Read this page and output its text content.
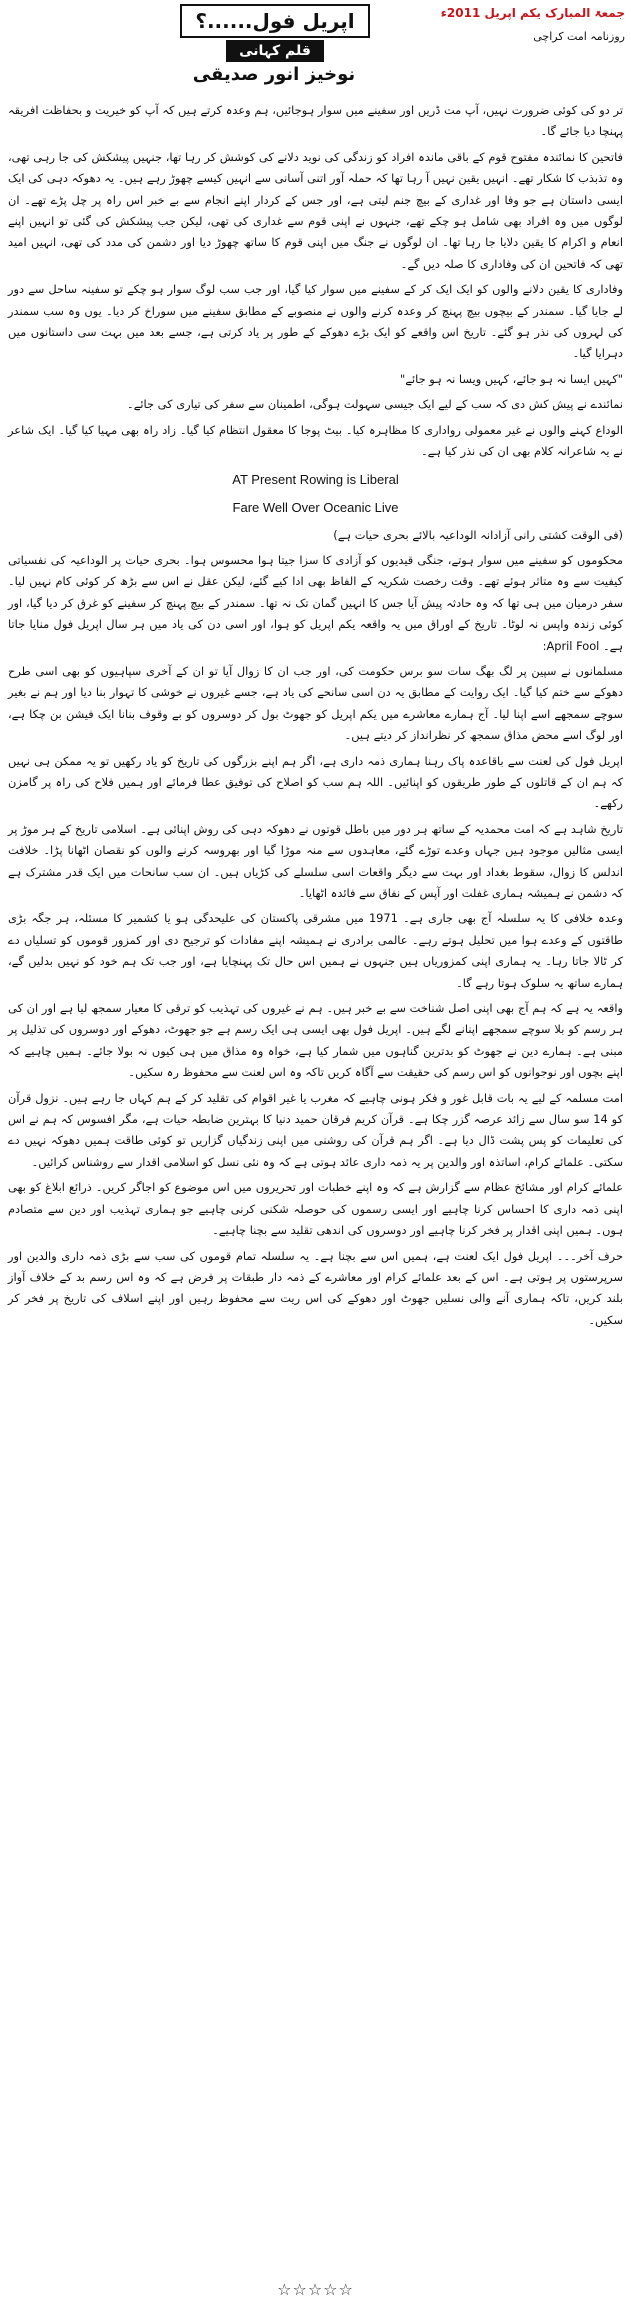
جمعۃ المبارک یکم اپریل 2011ء
روزنامہ امت کراچی
اپریل فول......؟
قلم کہانی
نوخیز انور صدیقی

تر دو کی کوئی ضرورت نہیں، آپ مت ڈریں اور سفینے میں سوار ہوجائیں، ہم وعدہ کرتے ہیں کہ آپ کو خیریت و بحفاظت افریقہ پہنچا دیا جائے گا۔

فاتحین کا نمائندہ مفتوح قوم کے باقی ماندہ افراد کو زندگی کی نوید دلانے کی کوشش کر رہا تھا، جنہیں پیشکش کی جا رہی تھی، وہ تذبذب کا شکار تھے۔ انہیں یقین نہیں آ رہا تھا کہ حملہ آور اتنی آسانی سے انہیں کیسے چھوڑ رہے ہیں۔ یہ دھوکہ دہی کی ایک ایسی داستان ہے جو وفا اور غداری کے بیچ جنم لیتی ہے، اور جس کے کردار اپنے انجام سے بے خبر اس راہ پر چل پڑے تھے۔ ان لوگوں میں وہ افراد بھی شامل ہو چکے تھے، جنہوں نے اپنی قوم سے غداری کی تھی، لیکن جب پیشکش کی گئی تو انہیں اپنے انعام و اکرام کا یقین دلایا جا رہا تھا۔ ان لوگوں نے جنگ میں اپنی قوم کا ساتھ چھوڑ دیا اور دشمن کی مدد کی تھی، انہیں امید تھی کہ فاتحین ان کی وفاداری کا صلہ دیں گے۔

وفاداری کا یقین دلانے والوں کو ایک ایک کر کے سفینے میں سوار کیا گیا، اور جب سب لوگ سوار ہو چکے تو سفینہ ساحل سے دور لے جایا گیا۔ سمندر کے بیچوں بیچ پہنچ کر وعدہ کرنے والوں نے منصوبے کے مطابق سفینے میں سوراخ کر دیا۔ یوں وہ سب سمندر کی لہروں کی نذر ہو گئے۔ تاریخ اس واقعے کو ایک بڑے دھوکے کے طور پر یاد کرتی ہے، جسے بعد میں بہت سی داستانوں میں دہرایا گیا۔

"کہیں ایسا نہ ہو جائے، کہیں ویسا نہ ہو جائے"

نمائندے نے پیش کش دی کہ سب کے لیے ایک جیسی سہولت ہوگی، اطمینان سے سفر کی تیاری کی جائے۔

الوداع کہنے والوں نے غیر معمولی رواداری کا مظاہرہ کیا۔ بیٹ پوجا کا معقول انتظام کیا گیا۔ زاد راہ بھی مہیا کیا گیا۔ ایک شاعر نے یہ شاعرانہ کلام بھی ان کی نذر کیا ہے۔

AT Present Rowing is Liberal

Fare Well Over Oceanic Live

(فی الوقت کشتی رانی آزادانہ الوداعیہ بالائے بحری حیات ہے)

محکوموں کو سفینے میں سوار ہوتے، جنگی قیدیوں کو آزادی کا سزا جیتا ہوا محسوس ہوا۔ بحری حیات پر الوداعیہ کی نفسیاتی کیفیت سے وہ متاثر ہوئے تھے۔ وقت رخصت شکریہ کے الفاظ بھی ادا کیے گئے، لیکن عقل نے اس سے بڑھ کر کوئی کام نہیں لیا۔ سفر درمیان میں ہی تھا کہ وہ حادثہ پیش آیا جس کا انہیں گمان تک نہ تھا۔ سمندر کے بیچ پہنچ کر سفینے کو غرق کر دیا گیا، اور کوئی زندہ واپس نہ لوٹا۔ تاریخ کے اوراق میں یہ واقعہ یکم اپریل کو ہوا، اور اسی دن کی یاد میں ہر سال اپریل فول منایا جاتا ہے۔ April Fool:

مسلمانوں نے سپین پر لگ بھگ سات سو برس حکومت کی، اور جب ان کا زوال آیا تو ان کے آخری سپاہیوں کو بھی اسی طرح دھوکے سے ختم کیا گیا۔ ایک روایت کے مطابق یہ دن اسی سانحے کی یاد ہے، جسے غیروں نے خوشی کا تہوار بنا دیا اور ہم نے بغیر سوچے سمجھے اسے اپنا لیا۔ آج ہمارے معاشرے میں یکم اپریل کو جھوٹ بول کر دوسروں کو بے وقوف بنانا ایک فیشن بن چکا ہے، اور لوگ اسے محض مذاق سمجھ کر نظرانداز کر دیتے ہیں۔

اپریل فول کی لعنت سے باقاعدہ پاک رہنا ہماری ذمہ داری ہے، اگر ہم اپنے بزرگوں کی تاریخ کو یاد رکھیں تو یہ ممکن ہی نہیں کہ ہم ان کے قاتلوں کے طور طریقوں کو اپنائیں۔ اللہ ہم سب کو اصلاح کی توفیق عطا فرمائے اور ہمیں فلاح کی راہ پر گامزن رکھے۔

تاریخ شاہد ہے کہ امت محمدیہ کے ساتھ ہر دور میں باطل قوتوں نے دھوکہ دہی کی روش اپنائی ہے۔ اسلامی تاریخ کے ہر موڑ پر ایسی مثالیں موجود ہیں جہاں وعدے توڑے گئے، معاہدوں سے منہ موڑا گیا اور بھروسہ کرنے والوں کو نقصان اٹھانا پڑا۔ خلافت اندلس کا زوال، سقوط بغداد اور بہت سے دیگر واقعات اسی سلسلے کی کڑیاں ہیں۔ ان سب سانحات میں ایک قدر مشترک ہے کہ دشمن نے ہمیشہ ہماری غفلت اور آپس کے نفاق سے فائدہ اٹھایا۔

وعدہ خلافی کا یہ سلسلہ آج بھی جاری ہے۔ 1971 میں مشرقی پاکستان کی علیحدگی ہو یا کشمیر کا مسئلہ، ہر جگہ بڑی طاقتوں کے وعدے ہوا میں تحلیل ہوتے رہے۔ عالمی برادری نے ہمیشہ اپنے مفادات کو ترجیح دی اور کمزور قوموں کو تسلیاں دے کر ٹالا جاتا رہا۔ یہ ہماری اپنی کمزوریاں ہیں جنہوں نے ہمیں اس حال تک پہنچایا ہے، اور جب تک ہم خود کو نہیں بدلیں گے، ہمارے ساتھ یہ سلوک ہوتا رہے گا۔

واقعہ یہ ہے کہ ہم آج بھی اپنی اصل شناخت سے بے خبر ہیں۔ ہم نے غیروں کی تہذیب کو ترقی کا معیار سمجھ لیا ہے اور ان کی ہر رسم کو بلا سوچے سمجھے اپنانے لگے ہیں۔ اپریل فول بھی ایسی ہی ایک رسم ہے جو جھوٹ، دھوکے اور دوسروں کی تذلیل پر مبنی ہے۔ ہمارے دین نے جھوٹ کو بدترین گناہوں میں شمار کیا ہے، خواہ وہ مذاق میں ہی کیوں نہ بولا جائے۔ ہمیں چاہیے کہ اپنے بچوں اور نوجوانوں کو اس رسم کی حقیقت سے آگاہ کریں تاکہ وہ اس لعنت سے محفوظ رہ سکیں۔

امت مسلمہ کے لیے یہ بات قابل غور و فکر ہونی چاہیے کہ مغرب یا غیر اقوام کی تقلید کر کے ہم کہاں جا رہے ہیں۔ نزول قرآن کو 14 سو سال سے زائد عرصہ گزر چکا ہے۔ قرآن کریم فرقان حمید دنیا کا بہترین ضابطہ حیات ہے، مگر افسوس کہ ہم نے اس کی تعلیمات کو پس پشت ڈال دیا ہے۔ اگر ہم قرآن کی روشنی میں اپنی زندگیاں گزاریں تو کوئی طاقت ہمیں دھوکہ نہیں دے سکتی۔ علمائے کرام، اساتذہ اور والدین پر یہ ذمہ داری عائد ہوتی ہے کہ وہ نئی نسل کو اسلامی اقدار سے روشناس کرائیں۔

علمائے کرام اور مشائخ عظام سے گزارش ہے کہ وہ اپنے خطبات اور تحریروں میں اس موضوع کو اجاگر کریں۔ ذرائع ابلاغ کو بھی اپنی ذمہ داری کا احساس کرنا چاہیے اور ایسی رسموں کی حوصلہ شکنی کرنی چاہیے جو ہماری تہذیب اور دین سے متصادم ہوں۔ ہمیں اپنی اقدار پر فخر کرنا چاہیے اور دوسروں کی اندھی تقلید سے بچنا چاہیے۔

حرف آخر۔۔۔ اپریل فول ایک لعنت ہے، ہمیں اس سے بچنا ہے۔ یہ سلسلہ تمام قوموں کی سب سے بڑی ذمہ داری والدین اور سرپرستوں پر ہوتی ہے۔ اس کے بعد علمائے کرام اور معاشرے کے ذمہ دار طبقات پر فرض ہے کہ وہ اس رسم بد کے خلاف آواز بلند کریں، تاکہ ہماری آنے والی نسلیں جھوٹ اور دھوکے کی اس ریت سے محفوظ رہیں اور اپنے اسلاف کی تاریخ پر فخر کر سکیں۔

☆☆☆☆☆
